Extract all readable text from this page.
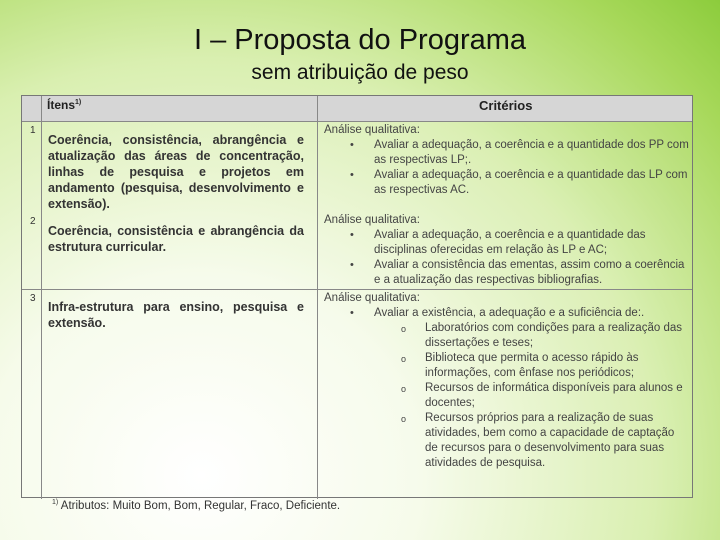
I – Proposta do Programa
sem atribuição de peso
Ítens$^{1)}$	Critérios
1
Coerência, consistência, abrangência e atualização das áreas de concentração, linhas de pesquisa e projetos em andamento (pesquisa, desenvolvimento e extensão).
Análise qualitativa:
• Avaliar a adequação, a coerência e a quantidade dos PP com as respectivas LP;.
• Avaliar a adequação, a coerência e a quantidade das LP com as respectivas AC.
2
Coerência, consistência e abrangência da estrutura curricular.
Análise qualitativa:
• Avaliar a adequação, a coerência e a quantidade das disciplinas oferecidas em relação às LP e AC;
• Avaliar a consistência das ementas, assim como a coerência e a atualização das respectivas bibliografias.
3
Infra-estrutura para ensino, pesquisa e extensão.
Análise qualitativa:
• Avaliar a existência, a adequação e a suficiência de:.
o Laboratórios com condições para a realização das dissertações e teses;
o Biblioteca que permita o acesso rápido às informações, com ênfase nos periódicos;
o Recursos de informática disponíveis para alunos e docentes;
o Recursos próprios para a realização de suas atividades, bem como a capacidade de captação de recursos para o desenvolvimento para suas atividades de pesquisa.
$^{1)}$ Atributos: Muito Bom, Bom, Regular, Fraco, Deficiente.
